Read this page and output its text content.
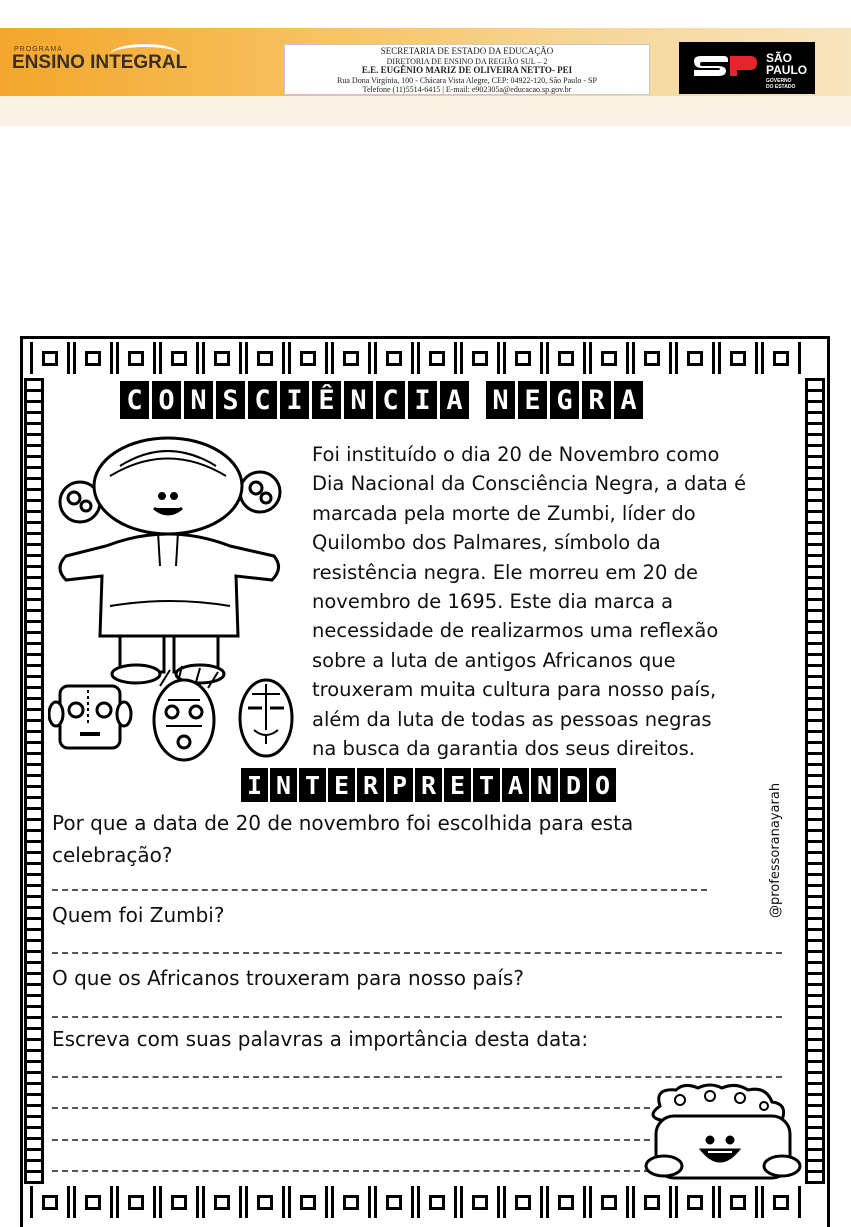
PROGRAMA
ENSINO INTEGRAL
SECRETARIA DE ESTADO DA EDUCAÇÃO
DIRETORIA DE ENSINO DA REGIÃO SUL – 2
E.E. EUGÊNIO MARIZ DE OLIVEIRA NETTO- PEI
Rua Dona Virgínia, 100 - Chácara Vista Alegre, CEP: 04922-120, São Paulo - SP
Telefone (11)5514-6415 | E-mail: e902305a@educacao.sp.gov.br
SÃO
PAULO
GOVERNO
DO ESTADO
C O N S C I Ê N C I A N E G R A
Foi instituído o dia 20 de Novembro como
Dia Nacional da Consciência Negra, a data é
marcada pela morte de Zumbi, líder do
Quilombo dos Palmares, símbolo da
resistência negra. Ele morreu em 20 de
novembro de 1695. Este dia marca a
necessidade de realizarmos uma reflexão
sobre a luta de antigos Africanos que
trouxeram muita cultura para nosso país,
além da luta de todas as pessoas negras
na busca da garantia dos seus direitos.
I N T E R P R E T A N D O	@professoranayarah
Por que a data de 20 de novembro foi escolhida para esta
celebração?
Quem foi Zumbi?
O que os Africanos trouxeram para nosso país?
Escreva com suas palavras a importância desta data:
